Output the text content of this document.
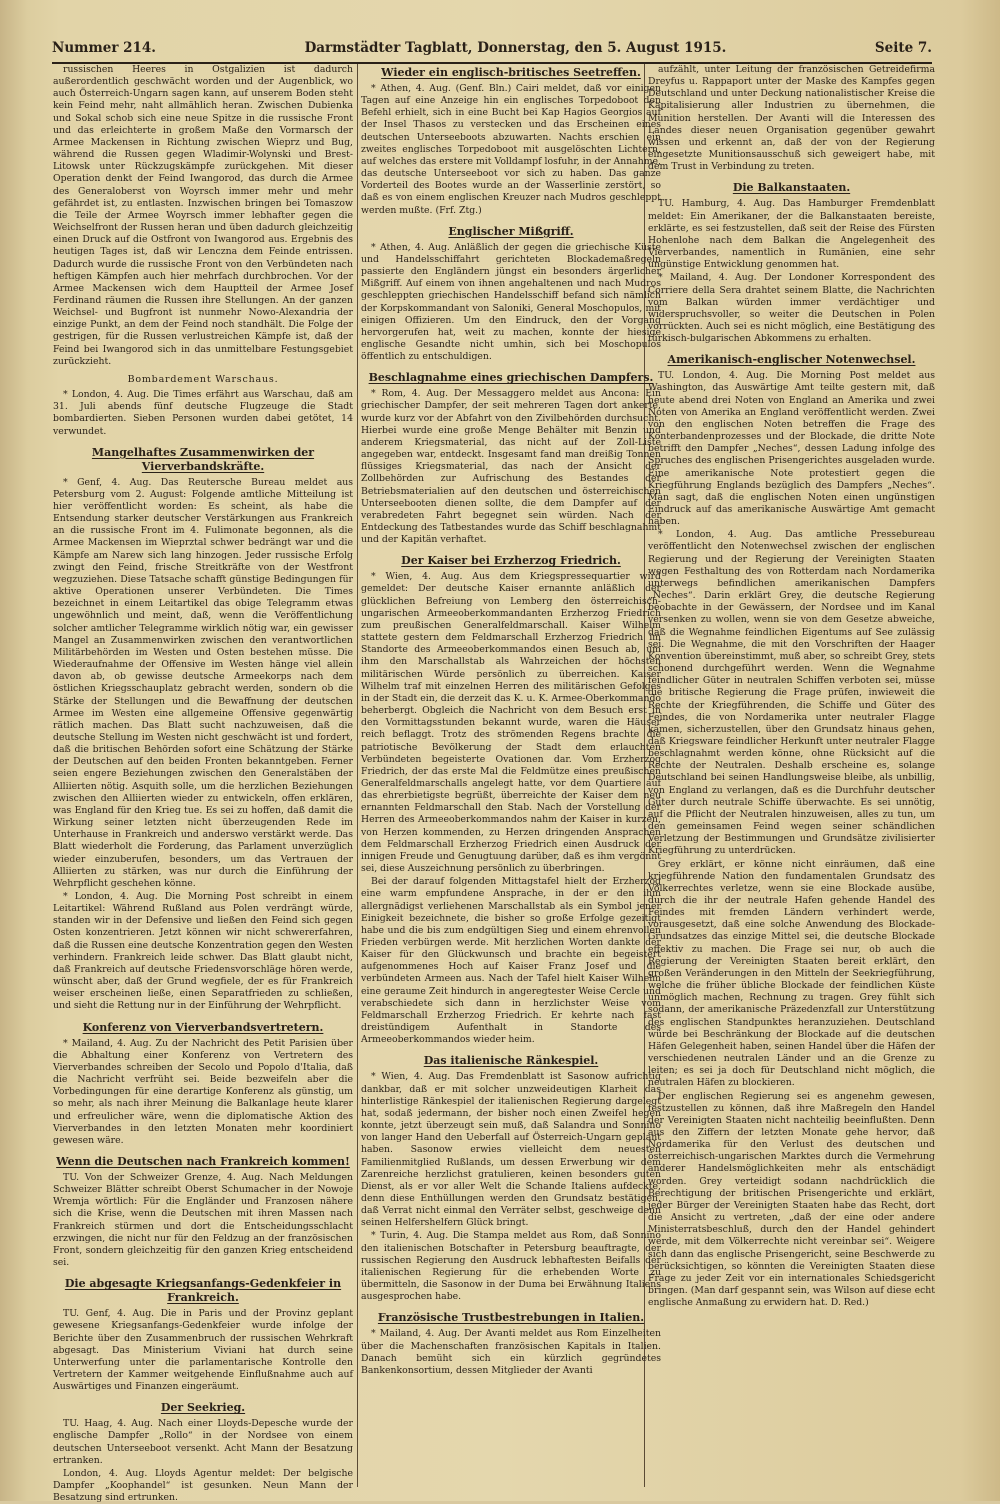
Nummer 214.	Darmstädter Tagblatt, Donnerstag, den 5. August 1915.	Seite 7.

russischen Heeres in Ostgalizien ist dadurch außerordentlich geschwächt worden und der Augenblick, wo auch Österreich-Ungarn sagen kann, auf unserem Boden steht kein Feind mehr, naht allmählich heran. Zwischen Dubienka und Sokal schob sich eine neue Spitze in die russische Front und das erleichterte in großem Maße den Vormarsch der Armee Mackensen in Richtung zwischen Wieprz und Bug, während die Russen gegen Wladimir-Wolynski und Brest-Litowsk unter Rückzugskämpfe zurückgehen. Mit dieser Operation denkt der Feind Iwangorod, das durch die Armee des Generaloberst von Woyrsch immer mehr und mehr gefährdet ist, zu entlasten. Inzwischen bringen bei Tomaszow die Teile der Armee Woyrsch immer lebhafter gegen die Weichselfront der Russen heran und üben dadurch gleichzeitig einen Druck auf die Ostfront von Iwangorod aus. Ergebnis des heutigen Tages ist, daß wir Lenczna dem Feinde entrissen. Dadurch wurde die russische Front von den Verbündeten nach heftigen Kämpfen auch hier mehrfach durchbrochen. Vor der Armee Mackensen wich dem Hauptteil der Armee Josef Ferdinand räumen die Russen ihre Stellungen. An der ganzen Weichsel- und Bugfront ist nunmehr Nowo-Alexandria der einzige Punkt, an dem der Feind noch standhält. Die Folge der gestrigen, für die Russen verlustreichen Kämpfe ist, daß der Feind bei Iwangorod sich in das unmittelbare Festungsgebiet zurückzieht.

Bombardement Warschaus.

* London, 4. Aug. Die Times erfährt aus Warschau, daß am 31. Juli abends fünf deutsche Flugzeuge die Stadt bombardierten. Sieben Personen wurden dabei getötet, 14 verwundet.

Mangelhaftes Zusammenwirken der Vierverbandskräfte.

* Genf, 4. Aug. Das Reutersche Bureau meldet aus Petersburg vom 2. August: Folgende amtliche Mitteilung ist hier veröffentlicht worden: Es scheint, als habe die Entsendung starker deutscher Verstärkungen aus Frankreich an die russische Front im 4. Fulimonate begonnen, als die Armee Mackensen im Wieprztal schwer bedrängt war und die Kämpfe am Narew sich lang hinzogen. Jeder russische Erfolg zwingt den Feind, frische Streitkräfte von der Westfront wegzuziehen. Diese Tatsache schafft günstige Bedingungen für aktive Operationen unserer Verbündeten. Die Times bezeichnet in einem Leitartikel das obige Telegramm etwas ungewöhnlich und meint, daß, wenn die Veröffentlichung solcher amtlicher Telegramme wirklich nötig war, ein gewisser Mangel an Zusammenwirken zwischen den verantwortlichen Militärbehörden im Westen und Osten bestehen müsse. Die Wiederaufnahme der Offensive im Westen hänge viel allein davon ab, ob gewisse deutsche Armeekorps nach dem östlichen Kriegsschauplatz gebracht werden, sondern ob die Stärke der Stellungen und die Bewaffnung der deutschen Armee im Westen eine allgemeine Offensive gegenwärtig rätlich machen. Das Blatt sucht nachzuweisen, daß die deutsche Stellung im Westen nicht geschwächt ist und fordert, daß die britischen Behörden sofort eine Schätzung der Stärke der Deutschen auf den beiden Fronten bekanntgeben. Ferner seien engere Beziehungen zwischen den Generalstäben der Alliierten nötig. Asquith solle, um die herzlichen Beziehungen zwischen den Alliierten wieder zu entwickeln, offen erklären, was England für den Krieg tue. Es sei zu hoffen, daß damit die Wirkung seiner letzten nicht überzeugenden Rede im Unterhause in Frankreich und anderswo verstärkt werde. Das Blatt wiederholt die Forderung, das Parlament unverzüglich wieder einzuberufen, besonders, um das Vertrauen der Alliierten zu stärken, was nur durch die Einführung der Wehrpflicht geschehen könne.

* London, 4. Aug. Die Morning Post schreibt in einem Leitartikel: Während Rußland aus Polen verdrängt würde, standen wir in der Defensive und ließen den Feind sich gegen Osten konzentrieren. Jetzt können wir nicht schwererfahren, daß die Russen eine deutsche Konzentration gegen den Westen verhindern. Frankreich leide schwer. Das Blatt glaubt nicht, daß Frankreich auf deutsche Friedensvorschläge hören werde, wünscht aber, daß der Grund wegfiele, der es für Frankreich weiser erscheinen ließe, einen Separatfrieden zu schließen, und sieht die Rettung nur in der Einführung der Wehrpflicht.

Konferenz von Vierverbandsvertretern.

* Mailand, 4. Aug. Zu der Nachricht des Petit Parisien über die Abhaltung einer Konferenz von Vertretern des Vierverbandes schreiben der Secolo und Popolo d'Italia, daß die Nachricht verfrüht sei. Beide bezweifeln aber die Vorbedingungen für eine derartige Konferenz als günstig, um so mehr, als nach ihrer Meinung die Balkanlage heute klarer und erfreulicher wäre, wenn die diplomatische Aktion des Vierverbandes in den letzten Monaten mehr koordiniert gewesen wäre.

Wenn die Deutschen nach Frankreich kommen!

TU. Von der Schweizer Grenze, 4. Aug. Nach Meldungen Schweizer Blätter schreibt Oberst Schumacher in der Nowoje Wremja wörtlich: Für die Engländer und Franzosen nähere sich die Krise, wenn die Deutschen mit ihren Massen nach Frankreich stürmen und dort die Entscheidungsschlacht erzwingen, die nicht nur für den Feldzug an der französischen Front, sondern gleichzeitig für den ganzen Krieg entscheidend sei.

Die abgesagte Kriegsanfangs-Gedenkfeier in Frankreich.

TU. Genf, 4. Aug. Die in Paris und der Provinz geplant gewesene Kriegsanfangs-Gedenkfeier wurde infolge der Berichte über den Zusammenbruch der russischen Wehrkraft abgesagt. Das Ministerium Viviani hat durch seine Unterwerfung unter die parlamentarische Kontrolle den Vertretern der Kammer weitgehende Einflußnahme auch auf Auswärtiges und Finanzen eingeräumt.

Der Seekrieg.

TU. Haag, 4. Aug. Nach einer Lloyds-Depesche wurde der englische Dampfer „Rollo“ in der Nordsee von einem deutschen Unterseeboot versenkt. Acht Mann der Besatzung ertranken.

London, 4. Aug. Lloyds Agentur meldet: Der belgische Dampfer „Koophandel“ ist gesunken. Neun Mann der Besatzung sind ertrunken.

Wieder ein englisch-britisches Seetreffen.

* Athen, 4. Aug. (Genf. Bln.) Cairi meldet, daß vor einigen Tagen auf eine Anzeige hin ein englisches Torpedoboot den Befehl erhielt, sich in eine Bucht bei Kap Hagios Georgios auf der Insel Thasos zu verstecken und das Erscheinen eines deutschen Unterseeboots abzuwarten. Nachts erschien ein zweites englisches Torpedoboot mit ausgelöschten Lichtern, auf welches das erstere mit Volldampf losfuhr, in der Annahme, das deutsche Unterseeboot vor sich zu haben. Das ganze Vorderteil des Bootes wurde an der Wasserlinie zerstört, so daß es von einem englischen Kreuzer nach Mudros geschleppt werden mußte. (Frf. Ztg.)

Englischer Mißgriff.

* Athen, 4. Aug. Anläßlich der gegen die griechische Küste und Handelsschiffahrt gerichteten Blockademaßregeln passierte den Engländern jüngst ein besonders ärgerlicher Mißgriff. Auf einem von ihnen angehaltenen und nach Mudros geschleppten griechischen Handelsschiff befand sich nämlich der Korpskommandant von Saloniki, General Moschopulos, mit einigen Offizieren. Um den Eindruck, den der Vorgang hervorgerufen hat, weit zu machen, konnte der hiesige englische Gesandte nicht umhin, sich bei Moschopulos öffentlich zu entschuldigen.

Beschlagnahme eines griechischen Dampfers.

* Rom, 4. Aug. Der Messaggero meldet aus Ancona: Ein griechischer Dampfer, der seit mehreren Tagen dort ankerte, wurde kurz vor der Abfahrt von den Zivilbehörden durchsucht. Hierbei wurde eine große Menge Behälter mit Benzin und anderem Kriegsmaterial, das nicht auf der Zoll-Liste angegeben war, entdeckt. Insgesamt fand man dreißig Tonnen flüssiges Kriegsmaterial, das nach der Ansicht der Zollbehörden zur Aufrischung des Bestandes der Betriebsmaterialien auf den deutschen und österreichischen Unterseebooten dienen sollte, die dem Dampfer auf der verabredeten Fahrt begegnet sein würden. Nach der Entdeckung des Tatbestandes wurde das Schiff beschlagnahmt und der Kapitän verhaftet.

Der Kaiser bei Erzherzog Friedrich.

* Wien, 4. Aug. Aus dem Kriegspressequartier wird gemeldet: Der deutsche Kaiser ernannte anläßlich der glücklichen Befreiung von Lemberg den österreichisch-ungarischen Armeeoberkommandanten Erzherzog Friedrich zum preußischen Generalfeldmarschall. Kaiser Wilhelm stattete gestern dem Feldmarschall Erzherzog Friedrich im Standorte des Armeeoberkommandos einen Besuch ab, um ihm den Marschallstab als Wahrzeichen der höchsten militärischen Würde persönlich zu überreichen. Kaiser Wilhelm traf mit einzelnen Herren des militärischen Gefolges in der Stadt ein, die derzeit das K. u. K. Armee-Oberkommando beherbergt. Obgleich die Nachricht von dem Besuch erst in den Vormittagsstunden bekannt wurde, waren die Häuser reich beflaggt. Trotz des strömenden Regens brachte die patriotische Bevölkerung der Stadt dem erlauchten Verbündeten begeisterte Ovationen dar. Vom Erzherzog Friedrich, der das erste Mal die Feldmütze eines preußischen Generalfeldmarschalls angelegt hatte, vor dem Quartiere auf das ehrerbietigste begrüßt, überreichte der Kaiser dem neu ernannten Feldmarschall den Stab. Nach der Vorstellung der Herren des Armeeoberkommandos nahm der Kaiser in kurzen, von Herzen kommenden, zu Herzen dringenden Ansprachen dem Feldmarschall Erzherzog Friedrich einen Ausdruck der innigen Freude und Genugtuung darüber, daß es ihm vergönnt sei, diese Auszeichnung persönlich zu überbringen.

Bei der darauf folgenden Mittagstafel hielt der Erzherzog eine warm empfundene Ansprache, in der er den ihm allergnädigst verliehenen Marschallstab als ein Symbol jener Einigkeit bezeichnete, die bisher so große Erfolge gezeitigt habe und die bis zum endgültigen Sieg und einem ehrenvollen Frieden verbürgen werde. Mit herzlichen Worten dankte der Kaiser für den Glückwunsch und brachte ein begeistert aufgenommenes Hoch auf Kaiser Franz Josef und die verbündeten Armeen aus. Nach der Tafel hielt Kaiser Wilhelm eine geraume Zeit hindurch in angeregtester Weise Cercle und verabschiedete sich dann in herzlichster Weise vom Feldmarschall Erzherzog Friedrich. Er kehrte nach fast dreistündigem Aufenthalt in Standorte des Armeeoberkommandos wieder heim.

Das italienische Ränkespiel.

* Wien, 4. Aug. Das Fremdenblatt ist Sasonow aufrichtig dankbar, daß er mit solcher unzweideutigen Klarheit das hinterlistige Ränkespiel der italienischen Regierung dargelegt hat, sodaß jedermann, der bisher noch einen Zweifel hegen konnte, jetzt überzeugt sein muß, daß Salandra und Sonnino von langer Hand den Ueberfall auf Österreich-Ungarn geplant haben. Sasonow erwies vielleicht dem neuesten Familienmitglied Rußlands, um dessen Erwerbung wir dem Zarenreiche herzlichst gratulieren, keinen besonders guten Dienst, als er vor aller Welt die Schande Italiens aufdeckte, denn diese Enthüllungen werden den Grundsatz bestätigen, daß Verrat nicht einmal den Verräter selbst, geschweige denn seinen Helfershelfern Glück bringt.

* Turin, 4. Aug. Die Stampa meldet aus Rom, daß Sonnino den italienischen Botschafter in Petersburg beauftragte, der russischen Regierung den Ausdruck lebhaftesten Beifalls der italienischen Regierung für die erhebenden Worte zu übermitteln, die Sasonow in der Duma bei Erwähnung Italiens ausgesprochen habe.

Französische Trustbestrebungen in Italien.

* Mailand, 4. Aug. Der Avanti meldet aus Rom Einzelheiten über die Machenschaften französischen Kapitals in Italien. Danach bemüht sich ein kürzlich gegründetes Bankenkonsortium, dessen Mitglieder der Avanti

aufzählt, unter Leitung der französischen Getreidefirma Dreyfus u. Rappaport unter der Maske des Kampfes gegen Deutschland und unter Deckung nationalistischer Kreise die Kapitalisierung aller Industrien zu übernehmen, die Munition herstellen. Der Avanti will die Interessen des Landes dieser neuen Organisation gegenüber gewahrt wissen und erkennt an, daß der von der Regierung eingesetzte Munitionsausschuß sich geweigert habe, mit dem Trust in Verbindung zu treten.

Die Balkanstaaten.

TU. Hamburg, 4. Aug. Das Hamburger Fremdenblatt meldet: Ein Amerikaner, der die Balkanstaaten bereiste, erklärte, es sei festzustellen, daß seit der Reise des Fürsten Hohenlohe nach dem Balkan die Angelegenheit des Vierverbandes, namentlich in Rumänien, eine sehr ungünstige Entwicklung genommen hat.

* Mailand, 4. Aug. Der Londoner Korrespondent des Corriere della Sera drahtet seinem Blatte, die Nachrichten vom Balkan würden immer verdächtiger und widerspruchsvoller, so weiter die Deutschen in Polen vorrückten. Auch sei es nicht möglich, eine Bestätigung des türkisch-bulgarischen Abkommens zu erhalten.

Amerikanisch-englischer Notenwechsel.

TU. London, 4. Aug. Die Morning Post meldet aus Washington, das Auswärtige Amt teilte gestern mit, daß heute abend drei Noten von England an Amerika und zwei Noten von Amerika an England veröffentlicht werden. Zwei von den englischen Noten betreffen die Frage des Konterbandenprozesses und der Blockade, die dritte Note betrifft den Dampfer „Neches“, dessen Ladung infolge des Spruches des englischen Prisengerichtes ausgeladen wurde. Eine amerikanische Note protestiert gegen die Kriegführung Englands bezüglich des Dampfers „Neches“. Man sagt, daß die englischen Noten einen ungünstigen Eindruck auf das amerikanische Auswärtige Amt gemacht haben.

* London, 4. Aug. Das amtliche Pressebureau veröffentlicht den Notenwechsel zwischen der englischen Regierung und der Regierung der Vereinigten Staaten wegen Festhaltung des von Rotterdam nach Nordamerika unterwegs befindlichen amerikanischen Dampfers „Neches“. Darin erklärt Grey, die deutsche Regierung beobachte in der Gewässern, der Nordsee und im Kanal versenken zu wollen, wenn sie von dem Gesetze abweiche, daß die Wegnahme feindlichen Eigentums auf See zulässig sei. Die Wegnahme, die mit den Vorschriften der Haager Konvention übereinstimmt, muß aber, so schreibt Grey, stets schonend durchgeführt werden. Wenn die Wegnahme feindlicher Güter in neutralen Schiffen verboten sei, müsse die britische Regierung die Frage prüfen, inwieweit die Rechte der Kriegführenden, die Schiffe und Güter des Feindes, die von Nordamerika unter neutraler Flagge kämen, sicherzustellen, über den Grundsatz hinaus gehen, daß Kriegsware feindlicher Herkunft unter neutraler Flagge beschlagnahmt werden könne, ohne Rücksicht auf die Rechte der Neutralen. Deshalb erscheine es, solange Deutschland bei seinen Handlungsweise bleibe, als unbillig, von England zu verlangen, daß es die Durchfuhr deutscher Güter durch neutrale Schiffe überwachte. Es sei unnötig, auf die Pflicht der Neutralen hinzuweisen, alles zu tun, um den gemeinsamen Feind wegen seiner schändlichen Verletzung der Bestimmungen und Grundsätze zivilisierter Kriegführung zu unterdrücken.

Grey erklärt, er könne nicht einräumen, daß eine kriegführende Nation den fundamentalen Grundsatz des Völkerrechtes verletze, wenn sie eine Blockade ausübe, durch die ihr der neutrale Hafen gehende Handel des Feindes mit fremden Ländern verhindert werde, vorausgesetzt, daß eine solche Anwendung des Blockade-Grundsatzes das einzige Mittel sei, die deutsche Blockade effektiv zu machen. Die Frage sei nur, ob auch die Regierung der Vereinigten Staaten bereit erklärt, den großen Veränderungen in den Mitteln der Seekriegführung, welche die früher übliche Blockade der feindlichen Küste unmöglich machen, Rechnung zu tragen. Grey fühlt sich sodann, der amerikanische Präzedenzfall zur Unterstützung des englischen Standpunktes heranzuziehen. Deutschland würde bei Beschränkung der Blockade auf die deutschen Häfen Gelegenheit haben, seinen Handel über die Häfen der verschiedenen neutralen Länder und an die Grenze zu leiten; es sei ja doch für Deutschland nicht möglich, die neutralen Häfen zu blockieren.

Der englischen Regierung sei es angenehm gewesen, festzustellen zu können, daß ihre Maßregeln den Handel der Vereinigten Staaten nicht nachteilig beeinflußten. Denn aus den Ziffern der letzten Monate gehe hervor, daß Nordamerika für den Verlust des deutschen und österreichisch-ungarischen Marktes durch die Vermehrung anderer Handelsmöglichkeiten mehr als entschädigt worden. Grey verteidigt sodann nachdrücklich die Berechtigung der britischen Prisengerichte und erklärt, jeder Bürger der Vereinigten Staaten habe das Recht, dort die Ansicht zu vertreten, „daß der eine oder andere Ministerratsbeschluß, durch den der Handel gehindert werde, mit dem Völkerrechte nicht vereinbar sei“. Weigere sich dann das englische Prisengericht, seine Beschwerde zu berücksichtigen, so könnten die Vereinigten Staaten diese Frage zu jeder Zeit vor ein internationales Schiedsgericht bringen. (Man darf gespannt sein, was Wilson auf diese echt englische Anmaßung zu erwidern hat. D. Red.)
